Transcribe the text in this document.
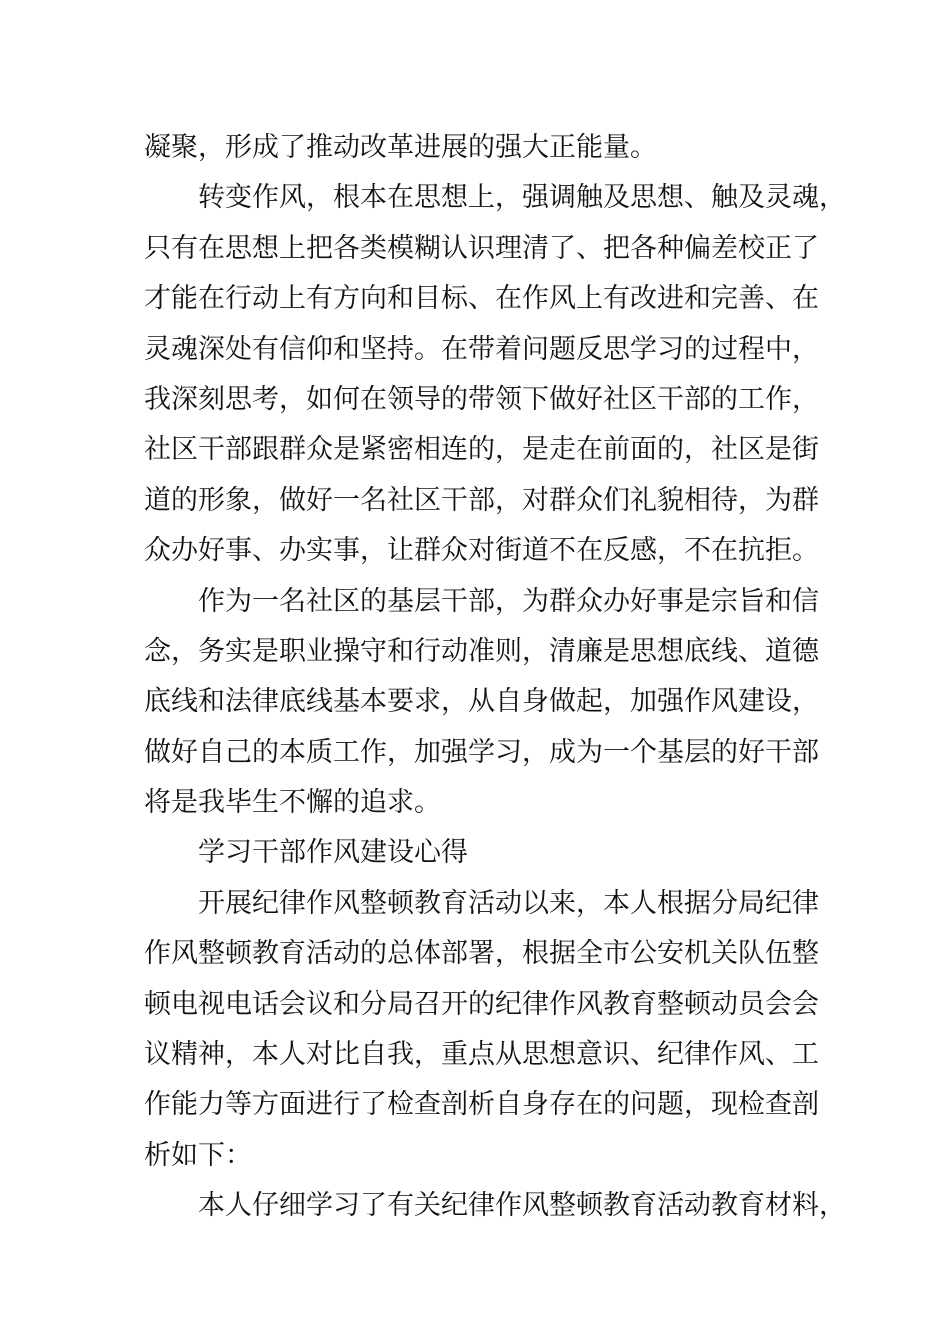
凝聚，形成了推动改革进展的强大正能量。
转变作风，根本在思想上，强调触及思想、触及灵魂，
只有在思想上把各类模糊认识理清了、把各种偏差校正了
才能在行动上有方向和目标、在作风上有改进和完善、在
灵魂深处有信仰和坚持。在带着问题反思学习的过程中，
我深刻思考，如何在领导的带领下做好社区干部的工作，
社区干部跟群众是紧密相连的，是走在前面的，社区是街
道的形象，做好一名社区干部，对群众们礼貌相待，为群
众办好事、办实事，让群众对街道不在反感，不在抗拒。
作为一名社区的基层干部，为群众办好事是宗旨和信
念，务实是职业操守和行动准则，清廉是思想底线、道德
底线和法律底线基本要求，从自身做起，加强作风建设，
做好自己的本质工作，加强学习，成为一个基层的好干部
将是我毕生不懈的追求。
学习干部作风建设心得
开展纪律作风整顿教育活动以来，本人根据分局纪律
作风整顿教育活动的总体部署，根据全市公安机关队伍整
顿电视电话会议和分局召开的纪律作风教育整顿动员会会
议精神，本人对比自我，重点从思想意识、纪律作风、工
作能力等方面进行了检查剖析自身存在的问题，现检查剖
析如下：
本人仔细学习了有关纪律作风整顿教育活动教育材料，
